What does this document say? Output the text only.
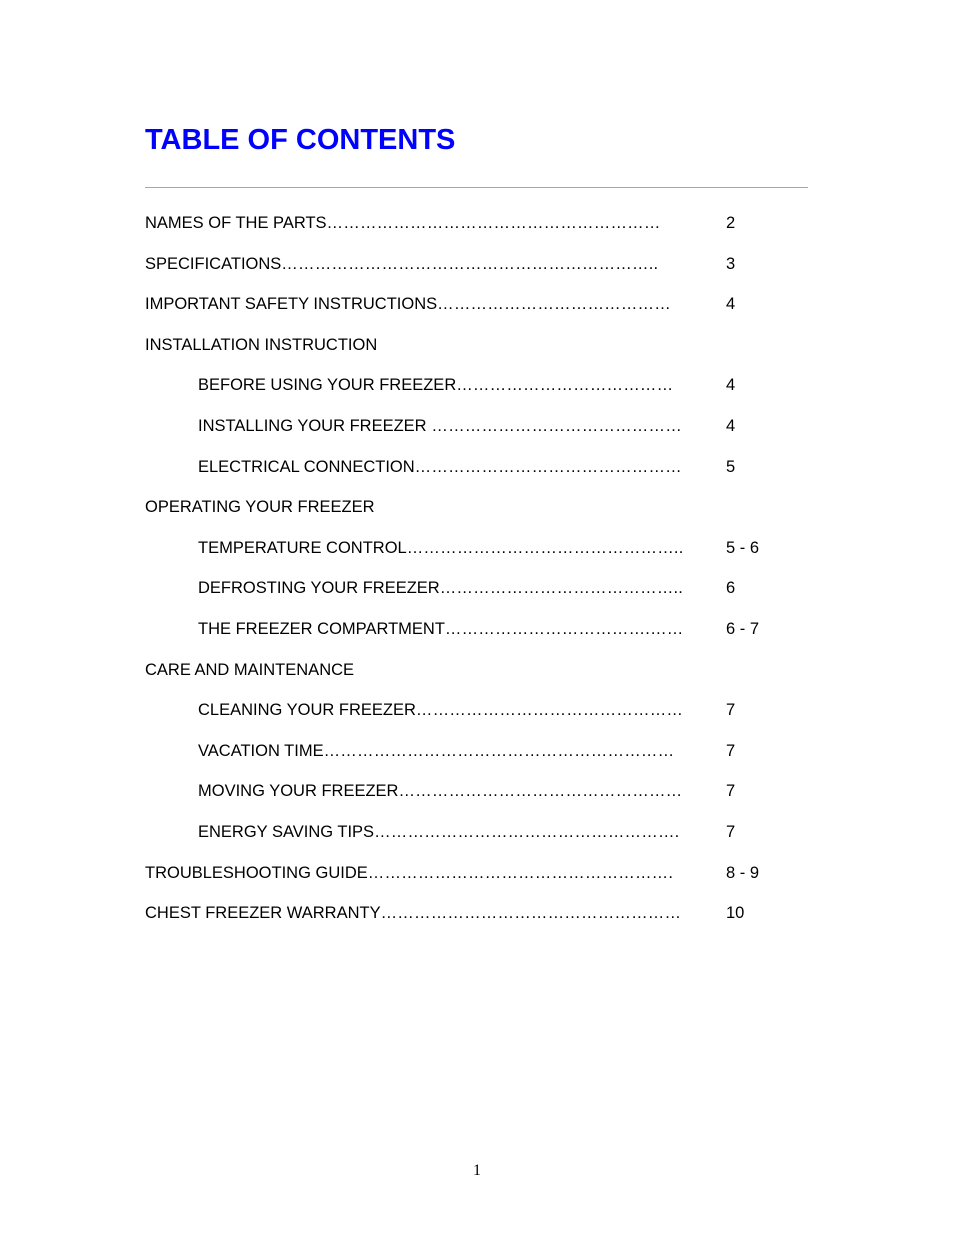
TABLE OF CONTENTS
NAMES OF THE PARTS……………………………………………………	2
SPECIFICATIONS…………………………………………………………..	3
IMPORTANT SAFETY INSTRUCTIONS……………………………………	4
INSTALLATION INSTRUCTION
BEFORE USING YOUR FREEZER…………………………………	4
INSTALLING YOUR FREEZER ………………………………………	4
ELECTRICAL CONNECTION…………………………………………	5
OPERATING YOUR FREEZER
TEMPERATURE CONTROL…………………………………………..	5 - 6
DEFROSTING YOUR FREEZER……………………………………..	6
THE FREEZER COMPARTMENT……………………………….……	6 - 7
CARE AND MAINTENANCE
CLEANING YOUR FREEZER…………………………………………	7
VACATION TIME………………………………………………………	7
MOVING YOUR FREEZER……………………………………………	7
ENERGY SAVING TIPS……………………………………………….	7
TROUBLESHOOTING GUIDE……………………………………………….	8 - 9
CHEST FREEZER WARRANTY………………………………………………	10
1
